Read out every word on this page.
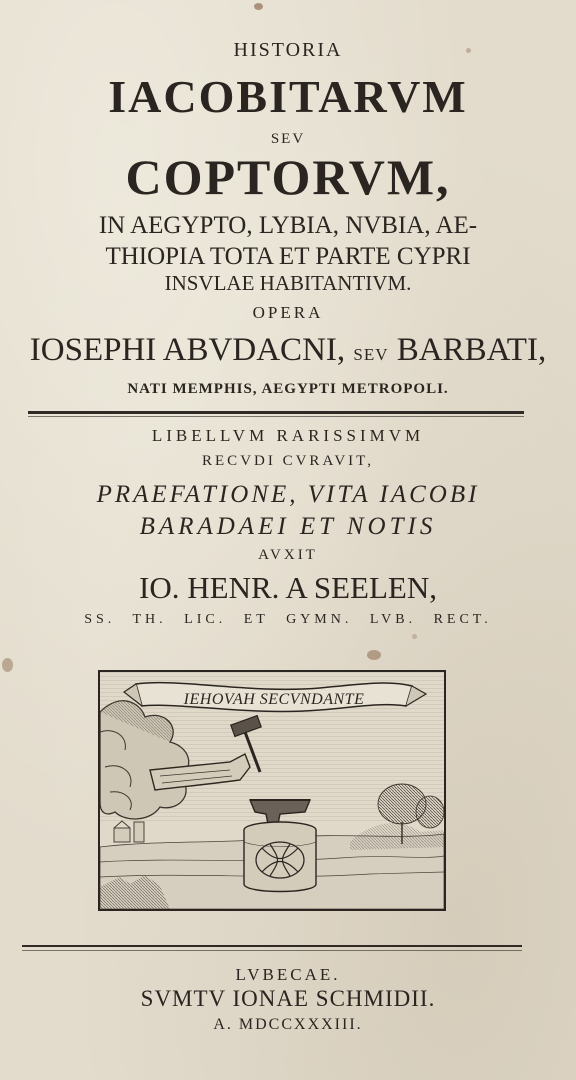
HISTORIA
IACOBITARVM
SEV
COPTORVM,
IN AEGYPTO, LYBIA, NVBIA, AE-
THIOPIA TOTA ET PARTE CYPRI
INSVLAE HABITANTIVM.
OPERA
IOSEPHI ABVDACNI, SEV BARBATI,
NATI MEMPHIS, AEGYPTI METROPOLI.
LIBELLVM RARISSIMVM
RECVDI CVRAVIT,
PRAEFATIONE, VITA IACOBI
BARADAEI ET NOTIS
AVXIT
IO. HENR. A SEELEN,
SS. TH. LIC. ET GYMN. LVB. RECT.
IEHOVAH SECVNDANTE
LVBECAE.
SVMTV IONAE SCHMIDII.
A. MDCCXXXIII.
